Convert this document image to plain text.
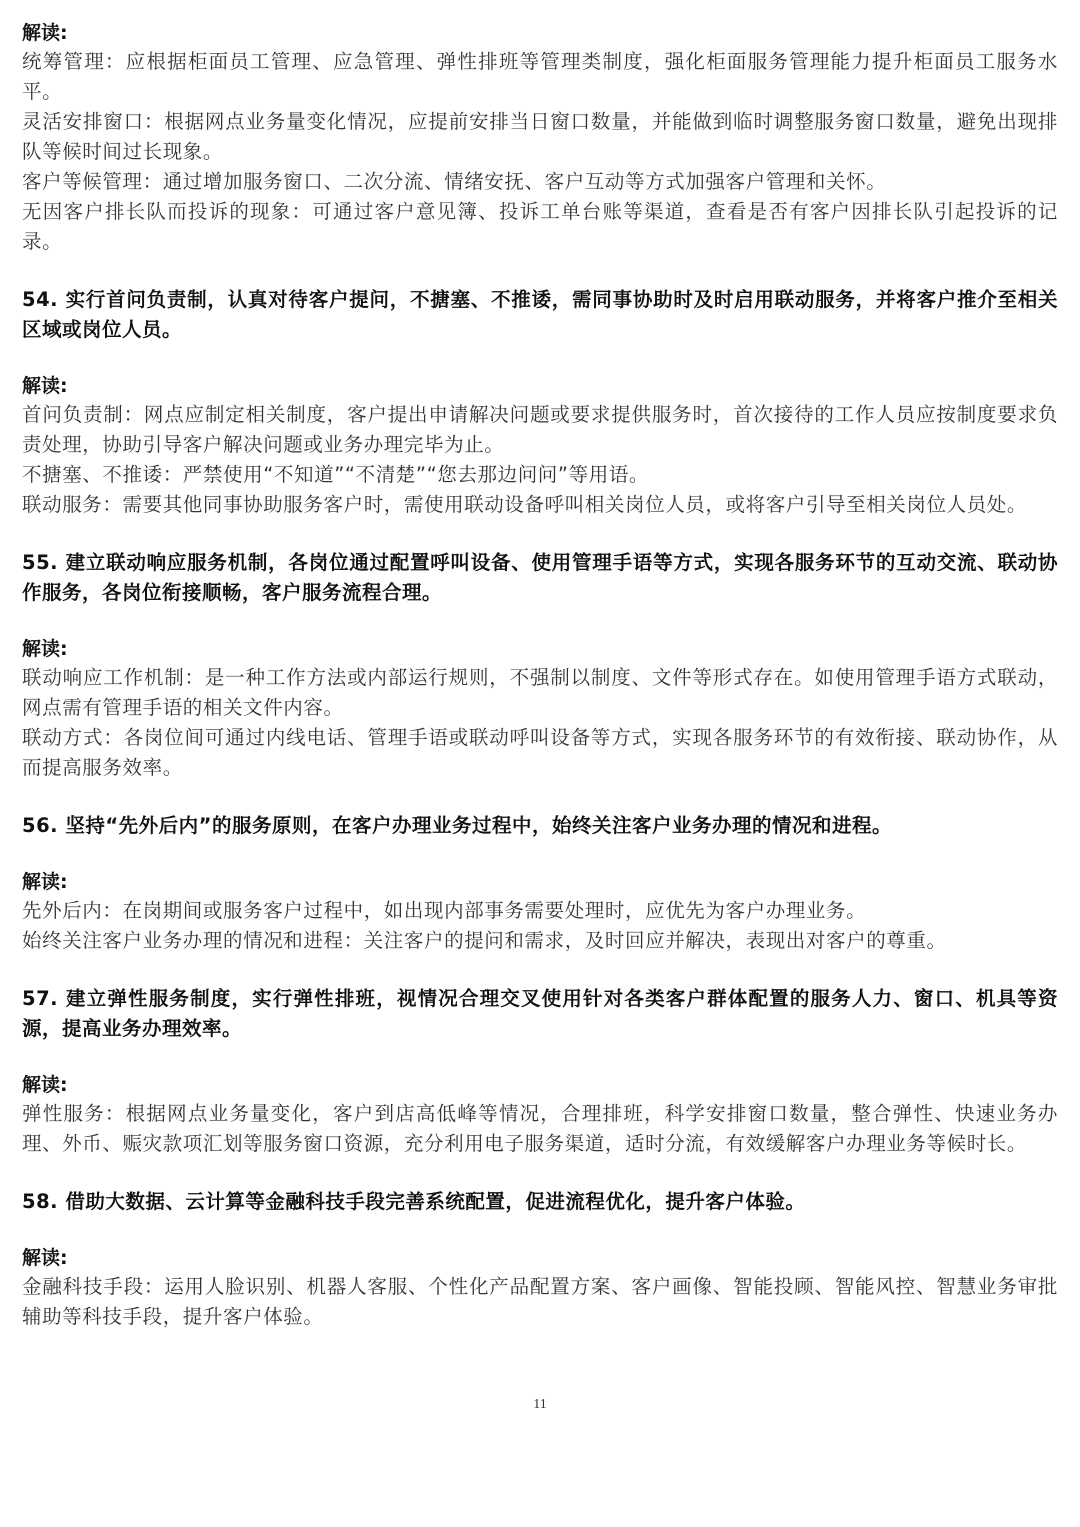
解读:

统筹管理：应根据柜面员工管理、应急管理、弹性排班等管理类制度，强化柜面服务管理能力提升柜面员工服务水平。

灵活安排窗口：根据网点业务量变化情况，应提前安排当日窗口数量，并能做到临时调整服务窗口数量，避免出现排队等候时间过长现象。

客户等候管理：通过增加服务窗口、二次分流、情绪安抚、客户互动等方式加强客户管理和关怀。

无因客户排长队而投诉的现象：可通过客户意见簿、投诉工单台账等渠道，查看是否有客户因排长队引起投诉的记录。

54. 实行首问负责制，认真对待客户提问，不搪塞、不推诿，需同事协助时及时启用联动服务，并将客户推介至相关区域或岗位人员。

解读:

首问负责制：网点应制定相关制度，客户提出申请解决问题或要求提供服务时，首次接待的工作人员应按制度要求负责处理，协助引导客户解决问题或业务办理完毕为止。

不搪塞、不推诿：严禁使用“不知道”“不清楚”“您去那边问问”等用语。

联动服务：需要其他同事协助服务客户时，需使用联动设备呼叫相关岗位人员，或将客户引导至相关岗位人员处。

55. 建立联动响应服务机制，各岗位通过配置呼叫设备、使用管理手语等方式，实现各服务环节的互动交流、联动协作服务，各岗位衔接顺畅，客户服务流程合理。

解读:

联动响应工作机制：是一种工作方法或内部运行规则，不强制以制度、文件等形式存在。如使用管理手语方式联动，网点需有管理手语的相关文件内容。

联动方式：各岗位间可通过内线电话、管理手语或联动呼叫设备等方式，实现各服务环节的有效衔接、联动协作，从而提高服务效率。

56. 坚持“先外后内”的服务原则，在客户办理业务过程中，始终关注客户业务办理的情况和进程。

解读:

先外后内：在岗期间或服务客户过程中，如出现内部事务需要处理时，应优先为客户办理业务。

始终关注客户业务办理的情况和进程：关注客户的提问和需求，及时回应并解决，表现出对客户的尊重。

57. 建立弹性服务制度，实行弹性排班，视情况合理交叉使用针对各类客户群体配置的服务人力、窗口、机具等资源，提高业务办理效率。

解读:

弹性服务：根据网点业务量变化，客户到店高低峰等情况，合理排班，科学安排窗口数量，整合弹性、快速业务办理、外币、赈灾款项汇划等服务窗口资源，充分利用电子服务渠道，适时分流，有效缓解客户办理业务等候时长。

58. 借助大数据、云计算等金融科技手段完善系统配置，促进流程优化，提升客户体验。

解读:

金融科技手段：运用人脸识别、机器人客服、个性化产品配置方案、客户画像、智能投顾、智能风控、智慧业务审批辅助等科技手段，提升客户体验。

11
